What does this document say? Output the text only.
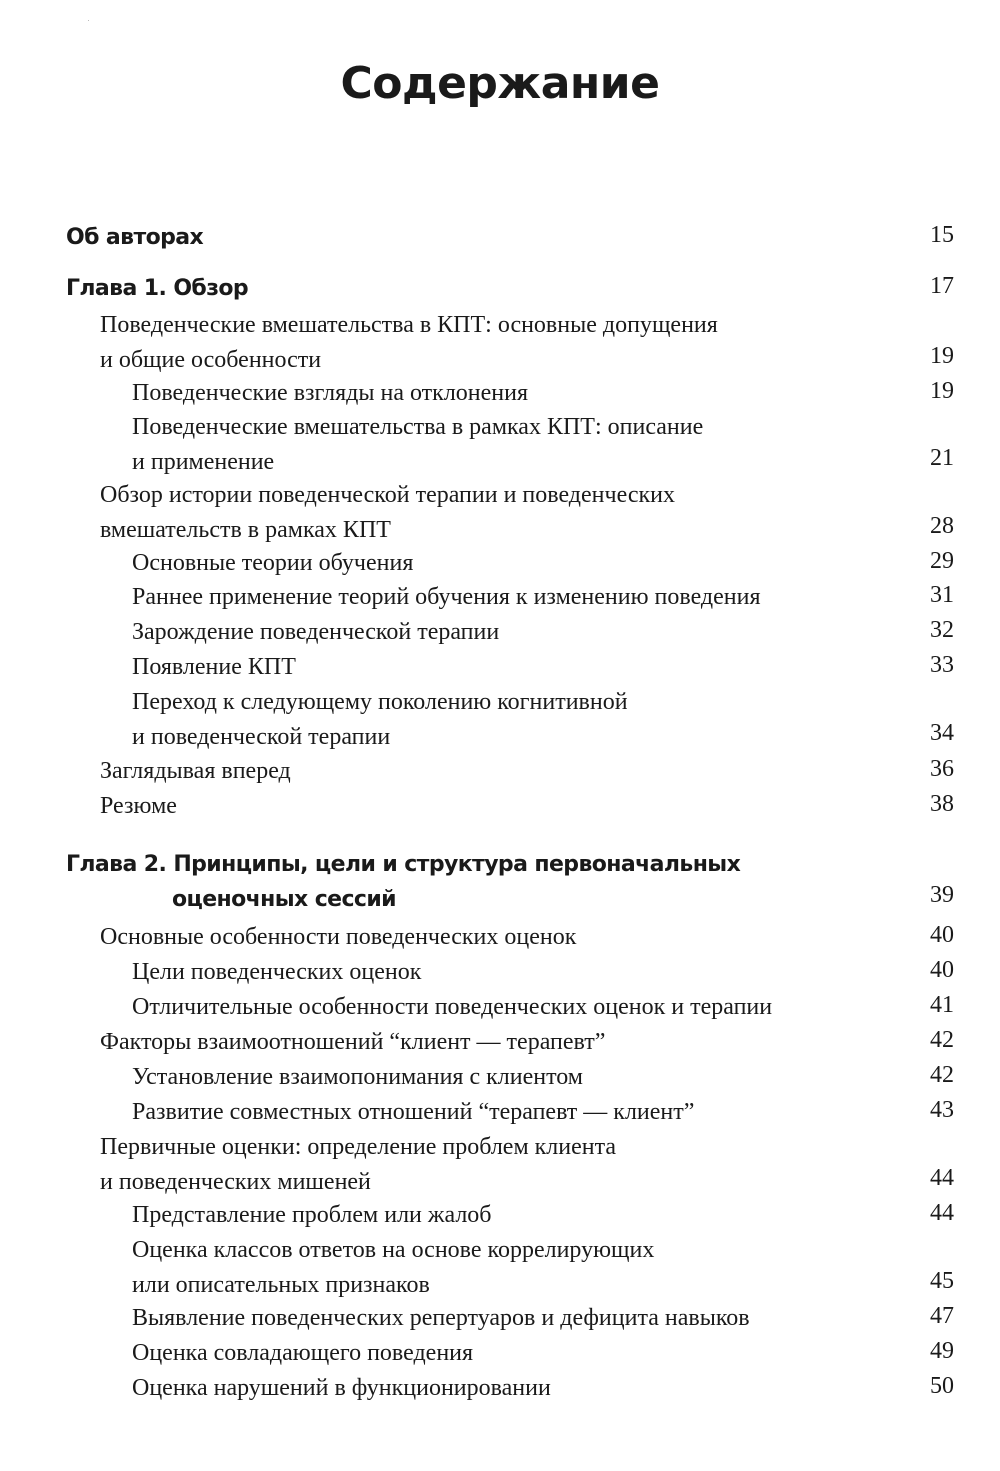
Содержание
Об авторах	15
Глава 1. Обзор	17
Поведенческие вмешательства в КПТ: основные допущения
и общие особенности	19
Поведенческие взгляды на отклонения	19
Поведенческие вмешательства в рамках КПТ: описание
и применение	21
Обзор истории поведенческой терапии и поведенческих
вмешательств в рамках КПТ	28
Основные теории обучения	29
Раннее применение теорий обучения к изменению поведения	31
Зарождение поведенческой терапии	32
Появление КПТ	33
Переход к следующему поколению когнитивной
и поведенческой терапии	34
Заглядывая вперед	36
Резюме	38
Глава 2. Принципы, цели и структура первоначальных
оценочных сессий	39
Основные особенности поведенческих оценок	40
Цели поведенческих оценок	40
Отличительные особенности поведенческих оценок и терапии	41
Факторы взаимоотношений “клиент — терапевт”	42
Установление взаимопонимания с клиентом	42
Развитие совместных отношений “терапевт — клиент”	43
Первичные оценки: определение проблем клиента
и поведенческих мишеней	44
Представление проблем или жалоб	44
Оценка классов ответов на основе коррелирующих
или описательных признаков	45
Выявление поведенческих репертуаров и дефицита навыков	47
Оценка совладающего поведения	49
Оценка нарушений в функционировании	50
